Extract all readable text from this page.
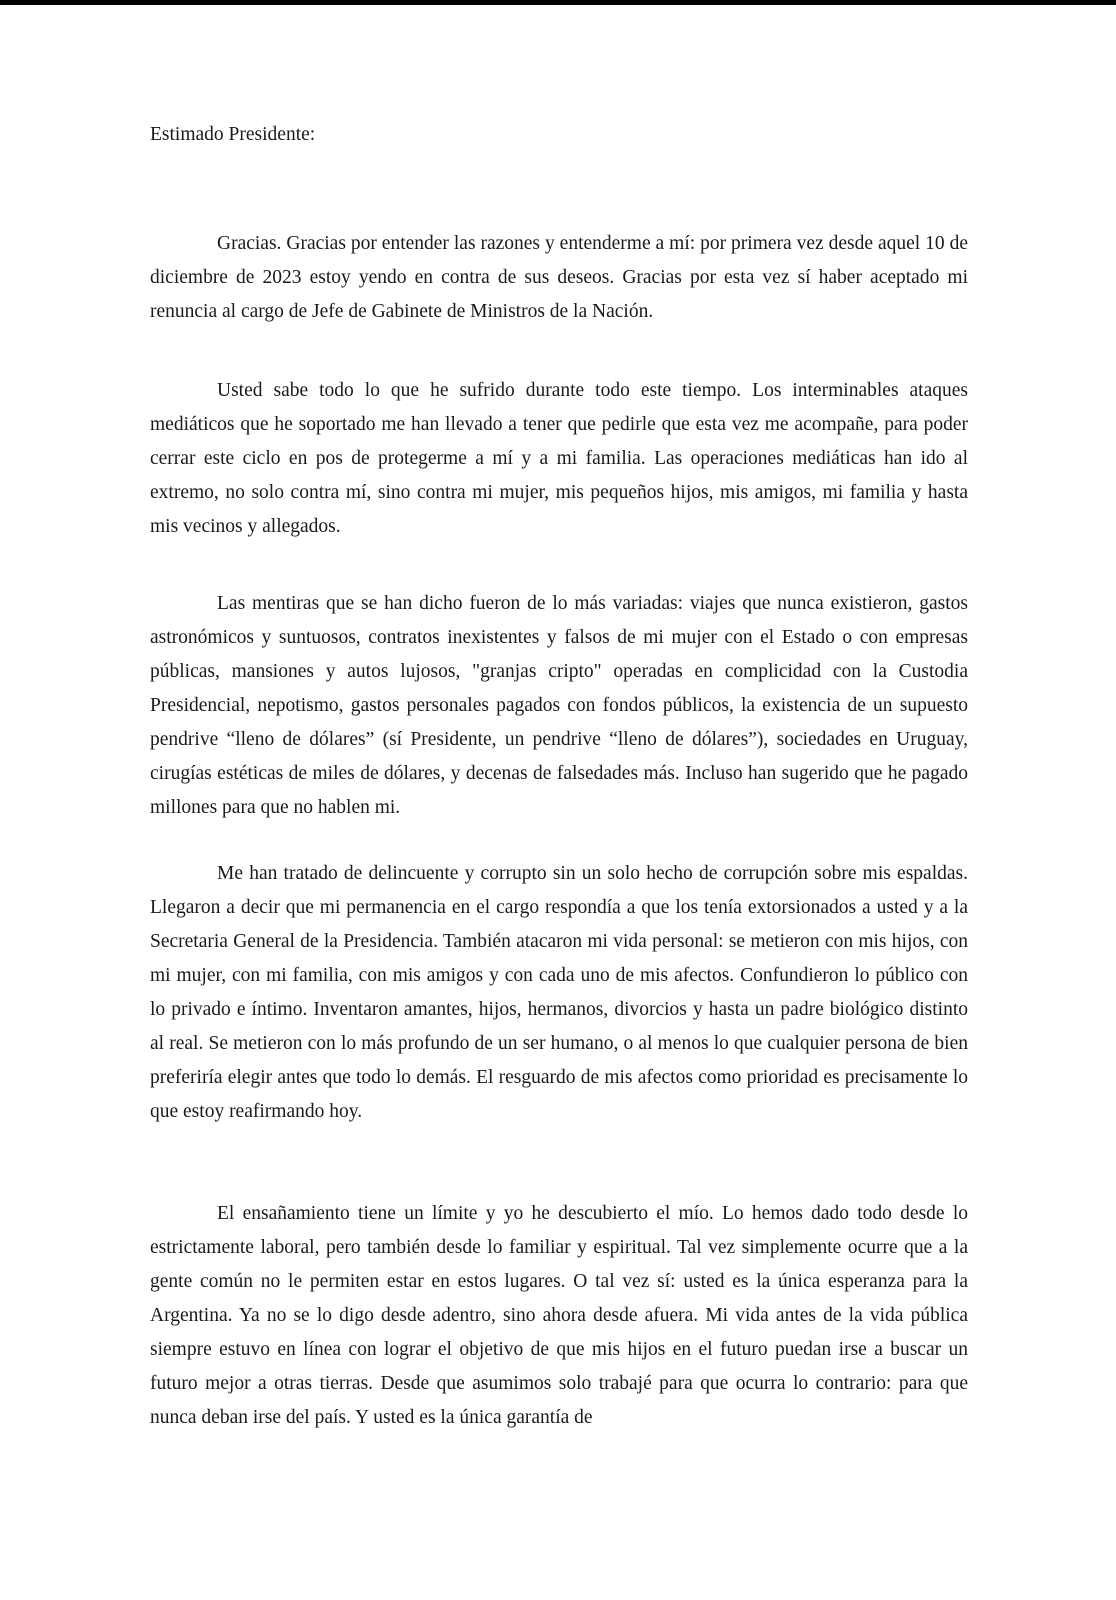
Estimado Presidente:

Gracias. Gracias por entender las razones y entenderme a mí: por primera vez desde aquel 10 de diciembre de 2023 estoy yendo en contra de sus deseos. Gracias por esta vez sí haber aceptado mi renuncia al cargo de Jefe de Gabinete de Ministros de la Nación.

Usted sabe todo lo que he sufrido durante todo este tiempo. Los interminables ataques mediáticos que he soportado me han llevado a tener que pedirle que esta vez me acompañe, para poder cerrar este ciclo en pos de protegerme a mí y a mi familia. Las operaciones mediáticas han ido al extremo, no solo contra mí, sino contra mi mujer, mis pequeños hijos, mis amigos, mi familia y hasta mis vecinos y allegados.

Las mentiras que se han dicho fueron de lo más variadas: viajes que nunca existieron, gastos astronómicos y suntuosos, contratos inexistentes y falsos de mi mujer con el Estado o con empresas públicas, mansiones y autos lujosos, "granjas cripto" operadas en complicidad con la Custodia Presidencial, nepotismo, gastos personales pagados con fondos públicos, la existencia de un supuesto pendrive “lleno de dólares” (sí Presidente, un pendrive “lleno de dólares”), sociedades en Uruguay, cirugías estéticas de miles de dólares, y decenas de falsedades más. Incluso han sugerido que he pagado millones para que no hablen mi.

Me han tratado de delincuente y corrupto sin un solo hecho de corrupción sobre mis espaldas. Llegaron a decir que mi permanencia en el cargo respondía a que los tenía extorsionados a usted y a la Secretaria General de la Presidencia. También atacaron mi vida personal: se metieron con mis hijos, con mi mujer, con mi familia, con mis amigos y con cada uno de mis afectos. Confundieron lo público con lo privado e íntimo. Inventaron amantes, hijos, hermanos, divorcios y hasta un padre biológico distinto al real. Se metieron con lo más profundo de un ser humano, o al menos lo que cualquier persona de bien preferiría elegir antes que todo lo demás. El resguardo de mis afectos como prioridad es precisamente lo que estoy reafirmando hoy.

El ensañamiento tiene un límite y yo he descubierto el mío. Lo hemos dado todo desde lo estrictamente laboral, pero también desde lo familiar y espiritual. Tal vez simplemente ocurre que a la gente común no le permiten estar en estos lugares. O tal vez sí: usted es la única esperanza para la Argentina. Ya no se lo digo desde adentro, sino ahora desde afuera. Mi vida antes de la vida pública siempre estuvo en línea con lograr el objetivo de que mis hijos en el futuro puedan irse a buscar un futuro mejor a otras tierras. Desde que asumimos solo trabajé para que ocurra lo contrario: para que nunca deban irse del país. Y usted es la única garantía de
